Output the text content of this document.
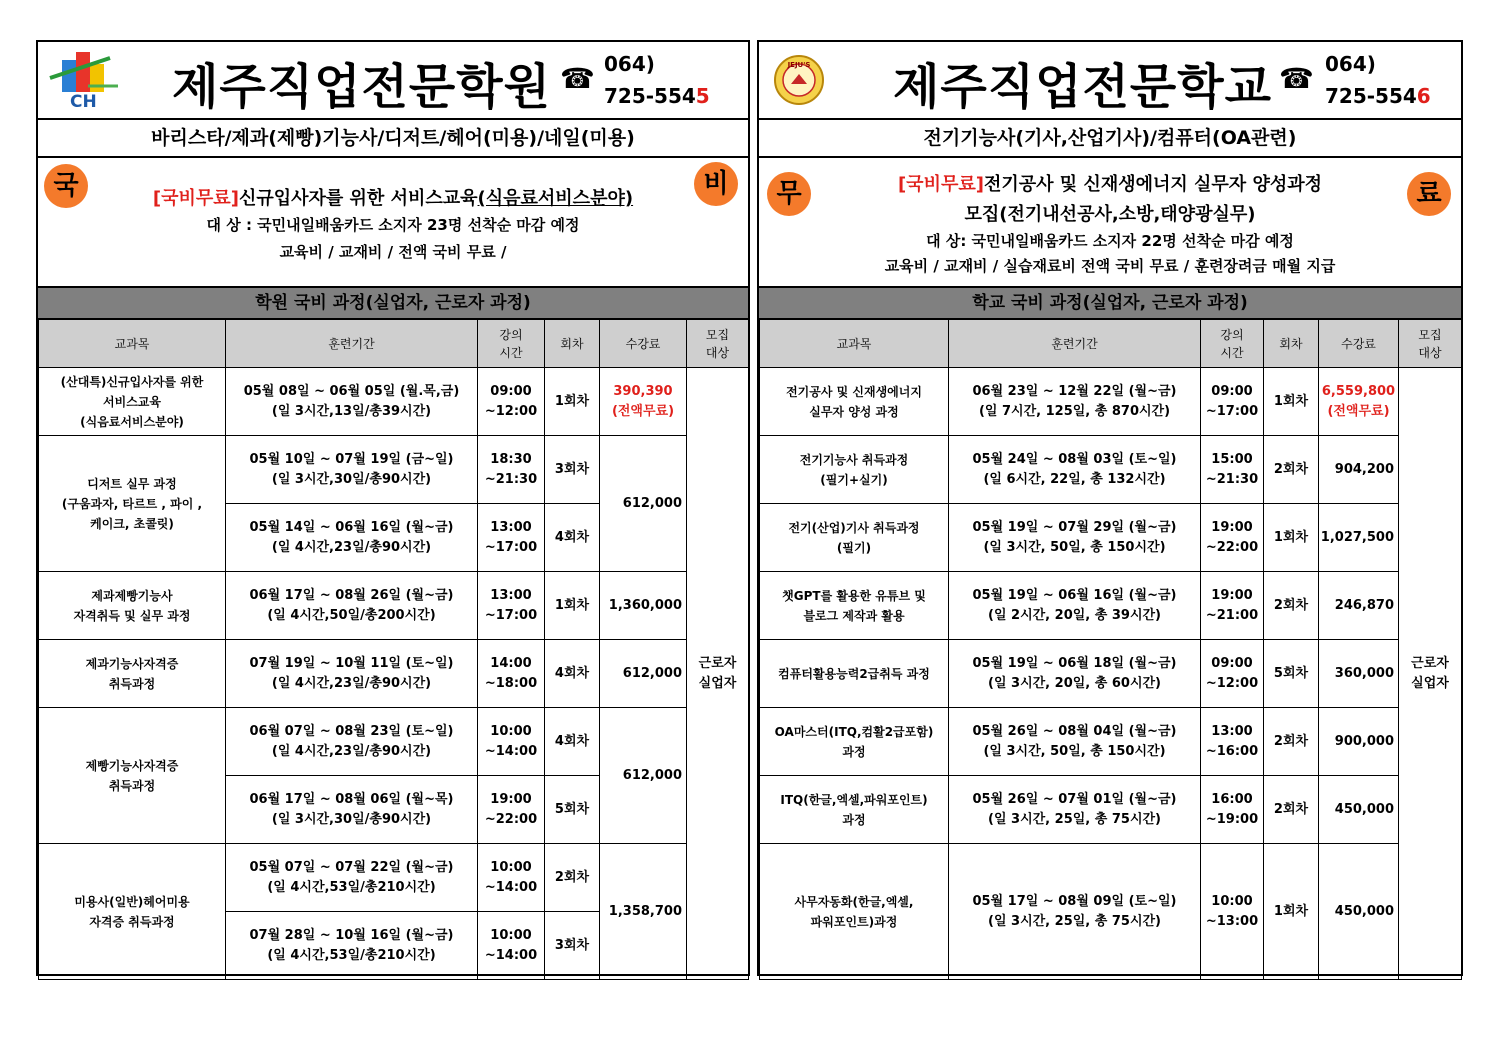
CH 제주직업전문학원 ☎ 064)
725-5545
바리스타/제과(제빵)기능사/디저트/헤어(미용)/네일(미용)
국	비
[국비무료]신규입사자를 위한 서비스교육(식음료서비스분야)
대 상 : 국민내일배움카드 소지자 23명 선착순 마감 예정
교육비 / 교재비 / 전액 국비 무료 /
학원 국비 과정(실업자, 근로자 과정)
교과목	훈련기간	강의
시간	회차	수강료	모집
대상
(산대특)신규입사자를 위한
서비스교육
(식음료서비스분야)	05월 08일 ~ 06월 05일 (월.목,금)
(일 3시간,13일/총39시간)	09:00
~12:00	1회차	390,390
(전액무료)	근로자
실업자
디저트 실무 과정
(구움과자, 타르트 , 파이 ,
케이크, 초콜릿)	05월 10일 ~ 07월 19일 (금~일)
(일 3시간,30일/총90시간)	18:30
~21:30	3회차	612,000	
	05월 14일 ~ 06월 16일 (월~금)
(일 4시간,23일/총90시간)	13:00
~17:00	4회차		
제과제빵기능사
자격취득 및 실무 과정	06월 17일 ~ 08월 26일 (월~금)
(일 4시간,50일/총200시간)	13:00
~17:00	1회차	1,360,000	
제과기능사자격증
취득과정	07월 19일 ~ 10월 11일 (토~일)
(일 4시간,23일/총90시간)	14:00
~18:00	4회차	612,000	
제빵기능사자격증
취득과정	06월 07일 ~ 08월 23일 (토~일)
(일 4시간,23일/총90시간)	10:00
~14:00	4회차	612,000	
	06월 17일 ~ 08월 06일 (월~목)
(일 3시간,30일/총90시간)	19:00
~22:00	5회차		
미용사(일반)헤어미용
자격증 취득과정	05월 07일 ~ 07월 22일 (월~금)
(일 4시간,53일/총210시간)	10:00
~14:00	2회차	1,358,700	
	07월 28일 ~ 10월 16일 (월~금)
(일 4시간,53일/총210시간)	10:00
~14:00	3회차		
JEJU'S 제주직업전문학교 ☎ 064)
725-5546
전기기능사(기사,산업기사)/컴퓨터(OA관련)
무	료
[국비무료]전기공사 및 신재생에너지 실무자 양성과정
모집(전기내선공사,소방,태양광실무)
대 상: 국민내일배움카드 소지자 22명 선착순 마감 예정
교육비 / 교재비 / 실습재료비 전액 국비 무료 / 훈련장려금 매월 지급
학교 국비 과정(실업자, 근로자 과정)
교과목	훈련기간	강의
시간	회차	수강료	모집
대상
전기공사 및 신재생에너지
실무자 양성 과정	06월 23일 ~ 12월 22일 (월~금)
(일 7시간, 125일, 총 870시간)	09:00
~17:00	1회차	6,559,800
(전액무료)	근로자
실업자
전기기능사 취득과정
(필기+실기)	05월 24일 ~ 08월 03일 (토~일)
(일 6시간, 22일, 총 132시간)	15:00
~21:30	2회차	904,200	
전기(산업)기사 취득과정
(필기)	05월 19일 ~ 07월 29일 (월~금)
(일 3시간, 50일, 총 150시간)	19:00
~22:00	1회차	1,027,500	
챗GPT를 활용한 유튜브 및
블로그 제작과 활용	05월 19일 ~ 06월 16일 (월~금)
(일 2시간, 20일, 총 39시간)	19:00
~21:00	2회차	246,870	
컴퓨터활용능력2급취득 과정	05월 19일 ~ 06월 18일 (월~금)
(일 3시간, 20일, 총 60시간)	09:00
~12:00	5회차	360,000	
OA마스터(ITQ,컴활2급포함)
과정	05월 26일 ~ 08월 04일 (월~금)
(일 3시간, 50일, 총 150시간)	13:00
~16:00	2회차	900,000	
ITQ(한글,엑셀,파워포인트)
과정	05월 26일 ~ 07월 01일 (월~금)
(일 3시간, 25일, 총 75시간)	16:00
~19:00	2회차	450,000	
사무자동화(한글,엑셀,
파워포인트)과정	05월 17일 ~ 08월 09일 (토~일)
(일 3시간, 25일, 총 75시간)	10:00
~13:00	1회차	450,000	
